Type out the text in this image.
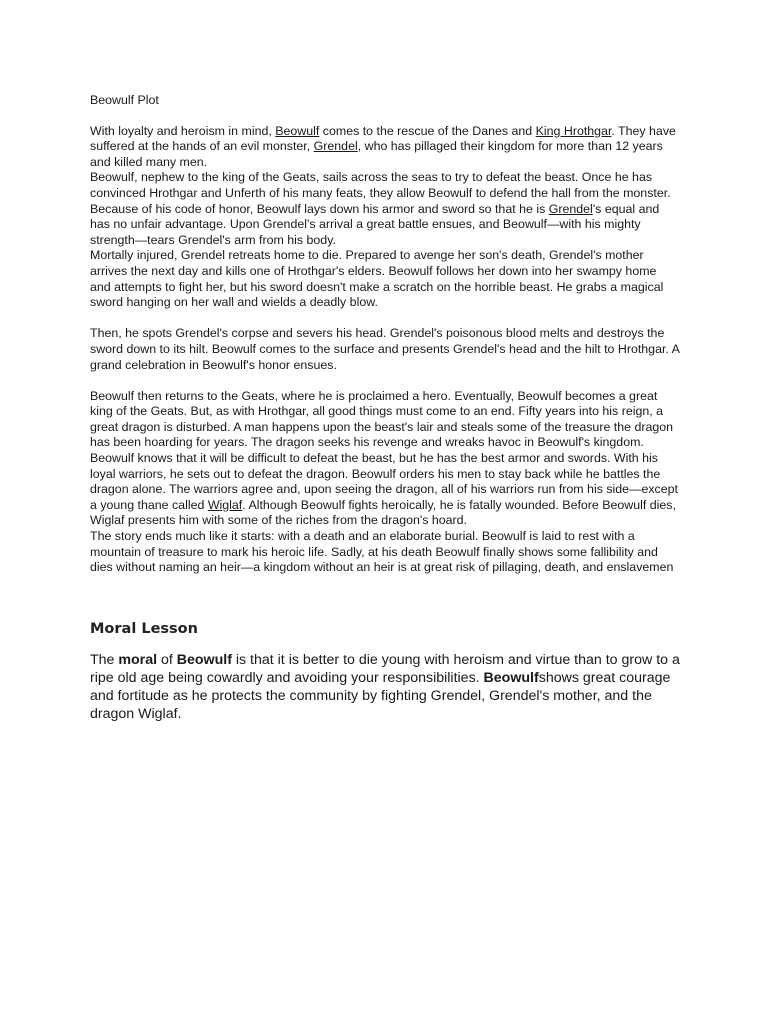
Beowulf Plot

With loyalty and heroism in mind, Beowulf comes to the rescue of the Danes and King Hrothgar. They have suffered at the hands of an evil monster, Grendel, who has pillaged their kingdom for more than 12 years and killed many men.

Beowulf, nephew to the king of the Geats, sails across the seas to try to defeat the beast. Once he has convinced Hrothgar and Unferth of his many feats, they allow Beowulf to defend the hall from the monster. Because of his code of honor, Beowulf lays down his armor and sword so that he is Grendel's equal and has no unfair advantage. Upon Grendel's arrival a great battle ensues, and Beowulf—with his mighty strength—tears Grendel's arm from his body.

Mortally injured, Grendel retreats home to die. Prepared to avenge her son's death, Grendel's mother arrives the next day and kills one of Hrothgar's elders. Beowulf follows her down into her swampy home and attempts to fight her, but his sword doesn't make a scratch on the horrible beast. He grabs a magical sword hanging on her wall and wields a deadly blow.

Then, he spots Grendel's corpse and severs his head. Grendel's poisonous blood melts and destroys the sword down to its hilt. Beowulf comes to the surface and presents Grendel's head and the hilt to Hrothgar. A grand celebration in Beowulf's honor ensues.

Beowulf then returns to the Geats, where he is proclaimed a hero. Eventually, Beowulf becomes a great king of the Geats. But, as with Hrothgar, all good things must come to an end. Fifty years into his reign, a great dragon is disturbed. A man happens upon the beast's lair and steals some of the treasure the dragon has been hoarding for years. The dragon seeks his revenge and wreaks havoc in Beowulf's kingdom. Beowulf knows that it will be difficult to defeat the beast, but he has the best armor and swords. With his loyal warriors, he sets out to defeat the dragon. Beowulf orders his men to stay back while he battles the dragon alone. The warriors agree and, upon seeing the dragon, all of his warriors run from his side—except a young thane called Wiglaf. Although Beowulf fights heroically, he is fatally wounded. Before Beowulf dies, Wiglaf presents him with some of the riches from the dragon's hoard.

The story ends much like it starts: with a death and an elaborate burial. Beowulf is laid to rest with a mountain of treasure to mark his heroic life. Sadly, at his death Beowulf finally shows some fallibility and dies without naming an heir—a kingdom without an heir is at great risk of pillaging, death, and enslavemen

Moral Lesson

The moral of Beowulf is that it is better to die young with heroism and virtue than to grow to a ripe old age being cowardly and avoiding your responsibilities. Beowulfshows great courage and fortitude as he protects the community by fighting Grendel, Grendel's mother, and the dragon Wiglaf.
